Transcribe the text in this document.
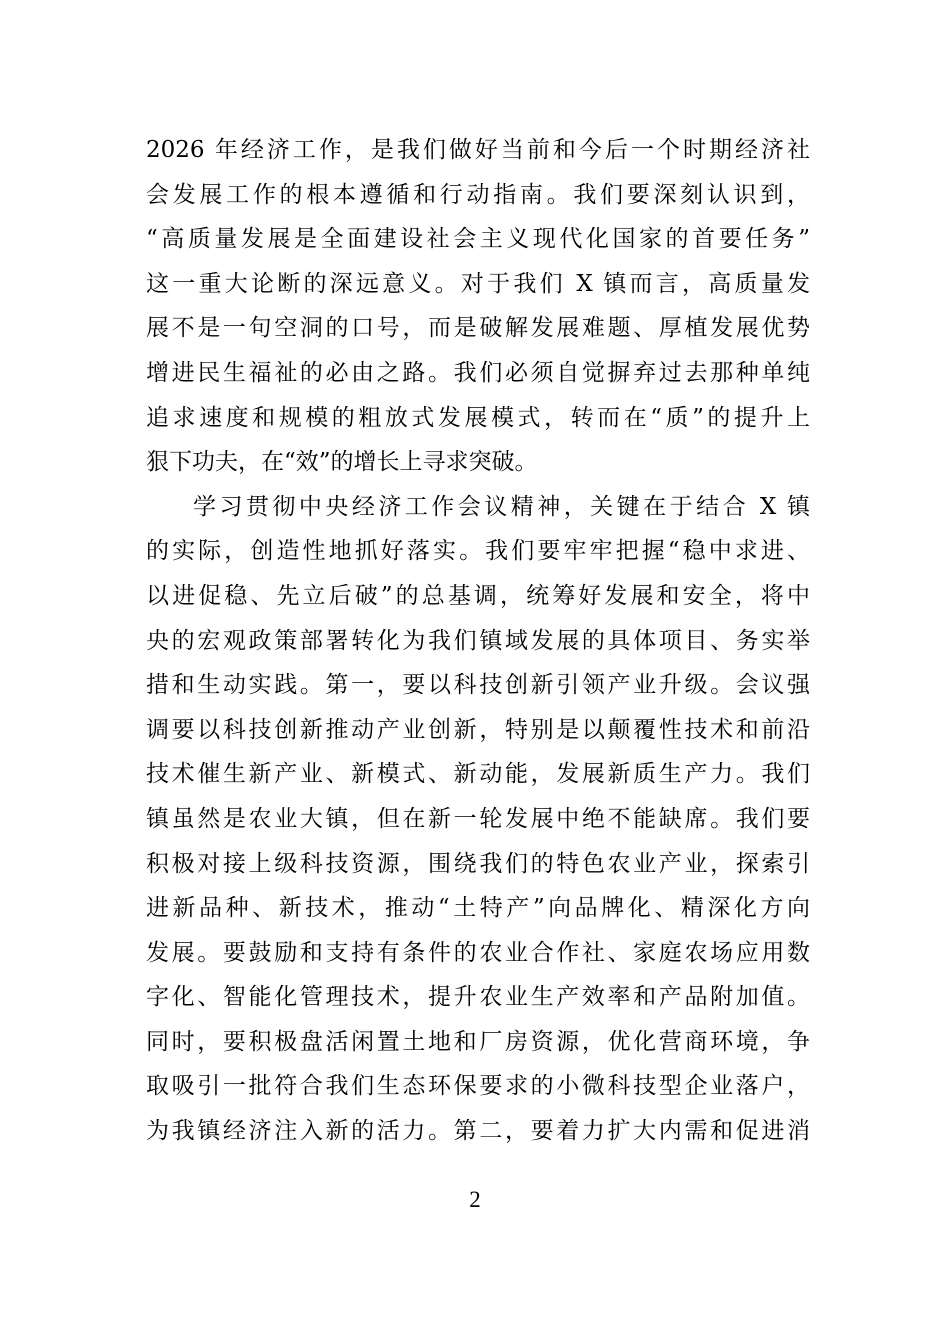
2026 年经济工作，是我们做好当前和今后一个时期经济社
会发展工作的根本遵循和行动指南。我们要深刻认识到，
“高质量发展是全面建设社会主义现代化国家的首要任务”
这一重大论断的深远意义。对于我们 X 镇而言，高质量发
展不是一句空洞的口号，而是破解发展难题、厚植发展优势
增进民生福祉的必由之路。我们必须自觉摒弃过去那种单纯
追求速度和规模的粗放式发展模式，转而在“质”的提升上
狠下功夫，在“效”的增长上寻求突破。
学习贯彻中央经济工作会议精神，关键在于结合 X 镇
的实际，创造性地抓好落实。我们要牢牢把握“稳中求进、
以进促稳、先立后破”的总基调，统筹好发展和安全，将中
央的宏观政策部署转化为我们镇域发展的具体项目、务实举
措和生动实践。第一，要以科技创新引领产业升级。会议强
调要以科技创新推动产业创新，特别是以颠覆性技术和前沿
技术催生新产业、新模式、新动能，发展新质生产力。我们
镇虽然是农业大镇，但在新一轮发展中绝不能缺席。我们要
积极对接上级科技资源，围绕我们的特色农业产业，探索引
进新品种、新技术，推动“土特产”向品牌化、精深化方向
发展。要鼓励和支持有条件的农业合作社、家庭农场应用数
字化、智能化管理技术，提升农业生产效率和产品附加值。
同时，要积极盘活闲置土地和厂房资源，优化营商环境，争
取吸引一批符合我们生态环保要求的小微科技型企业落户，
为我镇经济注入新的活力。第二，要着力扩大内需和促进消
2
